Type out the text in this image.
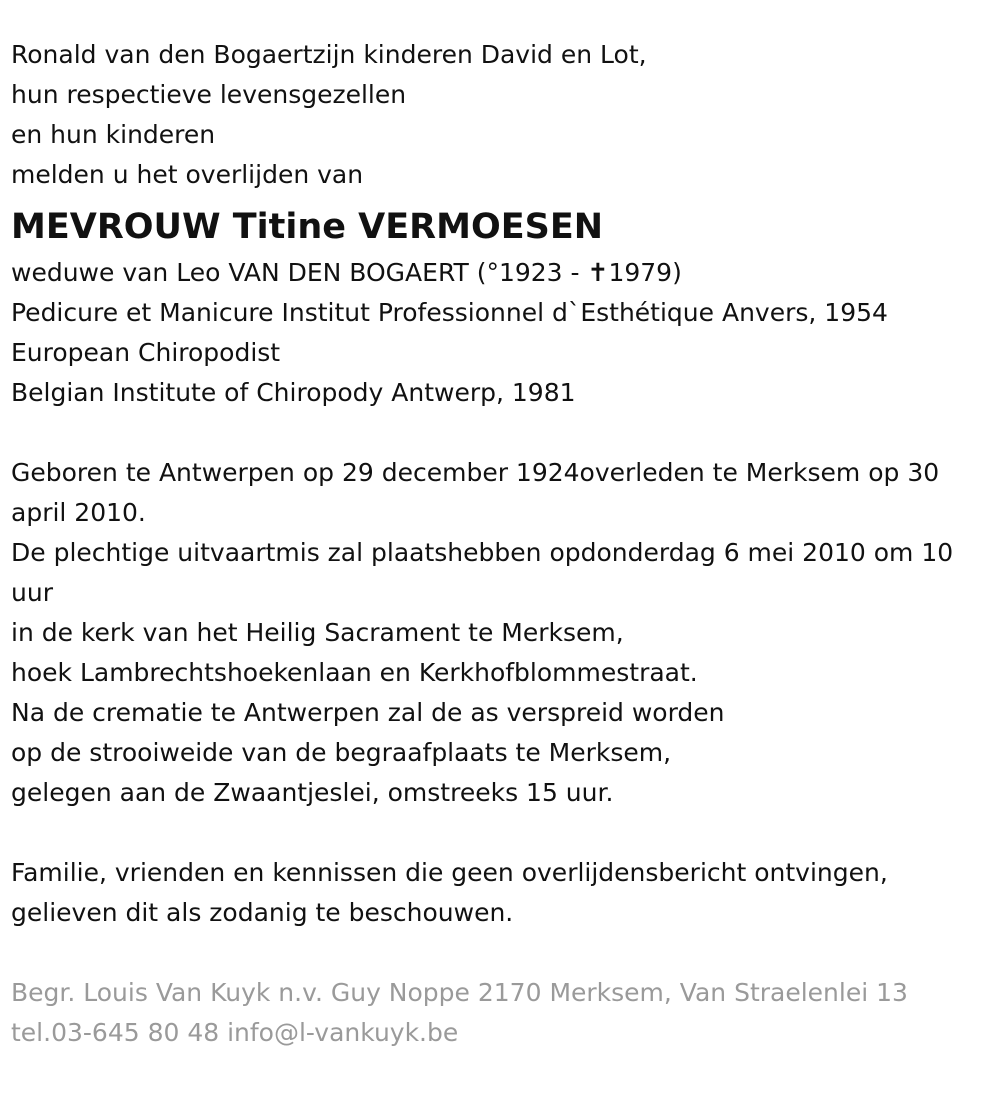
Ronald van den Bogaertzijn kinderen David en Lot,

hun respectieve levensgezellen

en hun kinderen

melden u het overlijden van

MEVROUW Titine VERMOESEN

weduwe van Leo VAN DEN BOGAERT (°1923 - ✝1979)

Pedicure et Manicure Institut Professionnel d`Esthétique Anvers, 1954

European Chiropodist

Belgian Institute of Chiropody Antwerp, 1981

Geboren te Antwerpen op 29 december 1924overleden te Merksem op 30 april 2010.

De plechtige uitvaartmis zal plaatshebben opdonderdag 6 mei 2010 om 10 uur

in de kerk van het Heilig Sacrament te Merksem,

hoek Lambrechtshoekenlaan en Kerkhofblommestraat.

Na de crematie te Antwerpen zal de as verspreid worden

op de strooiweide van de begraafplaats te Merksem,

gelegen aan de Zwaantjeslei, omstreeks 15 uur.

Familie, vrienden en kennissen die geen overlijdensbericht ontvingen,

gelieven dit als zodanig te beschouwen.

Begr. Louis Van Kuyk n.v. Guy Noppe 2170 Merksem, Van Straelenlei 13

tel.03-645 80 48 info@l-vankuyk.be
